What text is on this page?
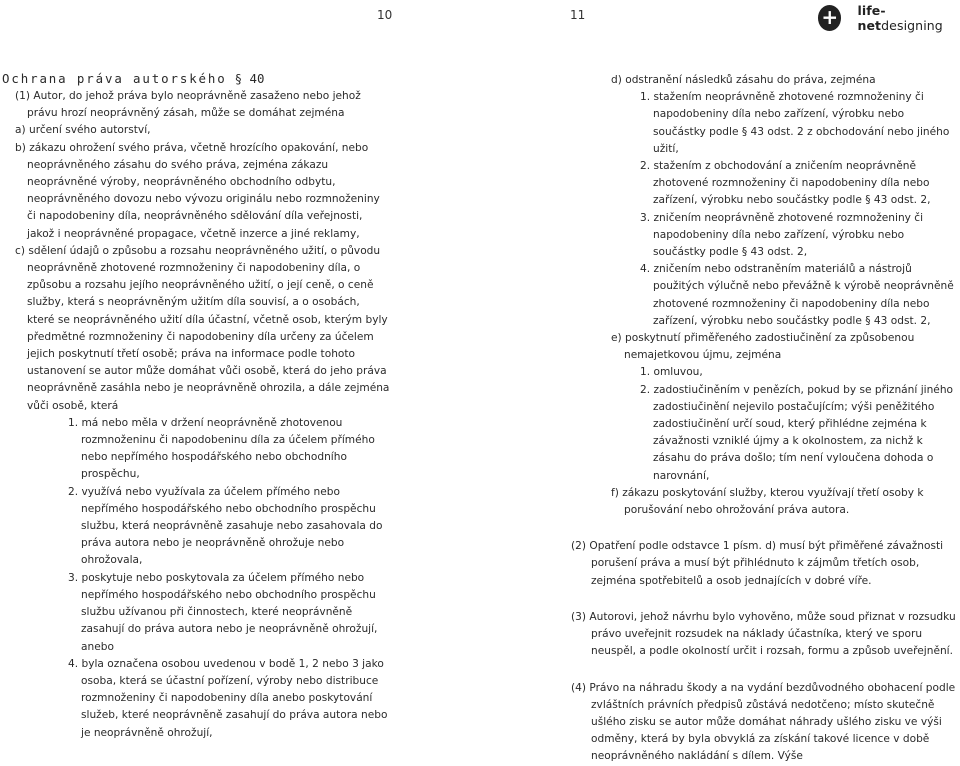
10	11	+ life-netdesigning

Ochrana práva autorského § 40

(1) Autor, do jehož práva bylo neoprávněně zasaženo nebo jehož právu hrozí neoprávněný zásah, může se domáhat zejména

a) určení svého autorství,

b) zákazu ohrožení svého práva, včetně hrozícího opakování, nebo neoprávněného zásahu do svého práva, zejména zákazu neoprávněné výroby, neoprávněného obchodního odbytu, neoprávněného dovozu nebo vývozu originálu nebo rozmnoženiny či napodobeniny díla, neoprávněného sdělování díla veřejnosti, jakož i neoprávněné propagace, včetně inzerce a jiné reklamy,

c) sdělení údajů o způsobu a rozsahu neoprávněného užití, o původu neoprávněně zhotovené rozmnoženiny či napodobeniny díla, o způsobu a rozsahu jejího neoprávněného užití, o její ceně, o ceně služby, která s neoprávněným užitím díla souvisí, a o osobách, které se neoprávněného užití díla účastní, včetně osob, kterým byly předmětné rozmnoženiny či napodobeniny díla určeny za účelem jejich poskytnutí třetí osobě; práva na informace podle tohoto ustanovení se autor může domáhat vůči osobě, která do jeho práva neoprávněně zasáhla nebo je neoprávněně ohrozila, a dále zejména vůči osobě, která

1. má nebo měla v držení neoprávněně zhotovenou rozmnoženinu či napodobeninu díla za účelem přímého nebo nepřímého hospodářského nebo obchodního prospěchu,

2. využívá nebo využívala za účelem přímého nebo nepřímého hospodářského nebo obchodního prospěchu službu, která neoprávněně zasahuje nebo zasahovala do práva autora nebo je neoprávněně ohrožuje nebo ohrožovala,

3. poskytuje nebo poskytovala za účelem přímého nebo nepřímého hospodářského nebo obchodního prospěchu službu užívanou při činnostech, které neoprávněně zasahují do práva autora nebo je neoprávněně ohrožují, anebo

4. byla označena osobou uvedenou v bodě 1, 2 nebo 3 jako osoba, která se účastní pořízení, výroby nebo distribuce rozmnoženiny či napodobeniny díla anebo poskytování služeb, které neoprávněně zasahují do práva autora nebo je neoprávněně ohrožují,

d) odstranění následků zásahu do práva, zejména

1. stažením neoprávněně zhotovené rozmnoženiny či napodobeniny díla nebo zařízení, výrobku nebo součástky podle § 43 odst. 2 z obchodování nebo jiného užití,

2. stažením z obchodování a zničením neoprávněně zhotovené rozmnoženiny či napodobeniny díla nebo zařízení, výrobku nebo součástky podle § 43 odst. 2,

3. zničením neoprávněně zhotovené rozmnoženiny či napodobeniny díla nebo zařízení, výrobku nebo součástky podle § 43 odst. 2,

4. zničením nebo odstraněním materiálů a nástrojů použitých výlučně nebo převážně k výrobě neoprávněně zhotovené rozmnoženiny či napodobeniny díla nebo zařízení, výrobku nebo součástky podle § 43 odst. 2,

e) poskytnutí přiměřeného zadostiučinění za způsobenou nemajetkovou újmu, zejména

1. omluvou,

2. zadostiučiněním v penězích, pokud by se přiznání jiného zadostiučinění nejevilo postačujícím; výši peněžitého zadostiučinění určí soud, který přihlédne zejména k závažnosti vzniklé újmy a k okolnostem, za nichž k zásahu do práva došlo; tím není vyloučena dohoda o narovnání,

f) zákazu poskytování služby, kterou využívají třetí osoby k porušování nebo ohrožování práva autora.

(2) Opatření podle odstavce 1 písm. d) musí být přiměřené závažnosti porušení práva a musí být přihlédnuto k zájmům třetích osob, zejména spotřebitelů a osob jednajících v dobré víře.

(3) Autorovi, jehož návrhu bylo vyhověno, může soud přiznat v rozsudku právo uveřejnit rozsudek na náklady účastníka, který ve sporu neuspěl, a podle okolností určit i rozsah, formu a způsob uveřejnění.

(4) Právo na náhradu škody a na vydání bezdůvodného obohacení podle zvláštních právních předpisů zůstává nedotčeno; místo skutečně ušlého zisku se autor může domáhat náhrady ušlého zisku ve výši odměny, která by byla obvyklá za získání takové licence v době neoprávněného nakládání s dílem. Výše
